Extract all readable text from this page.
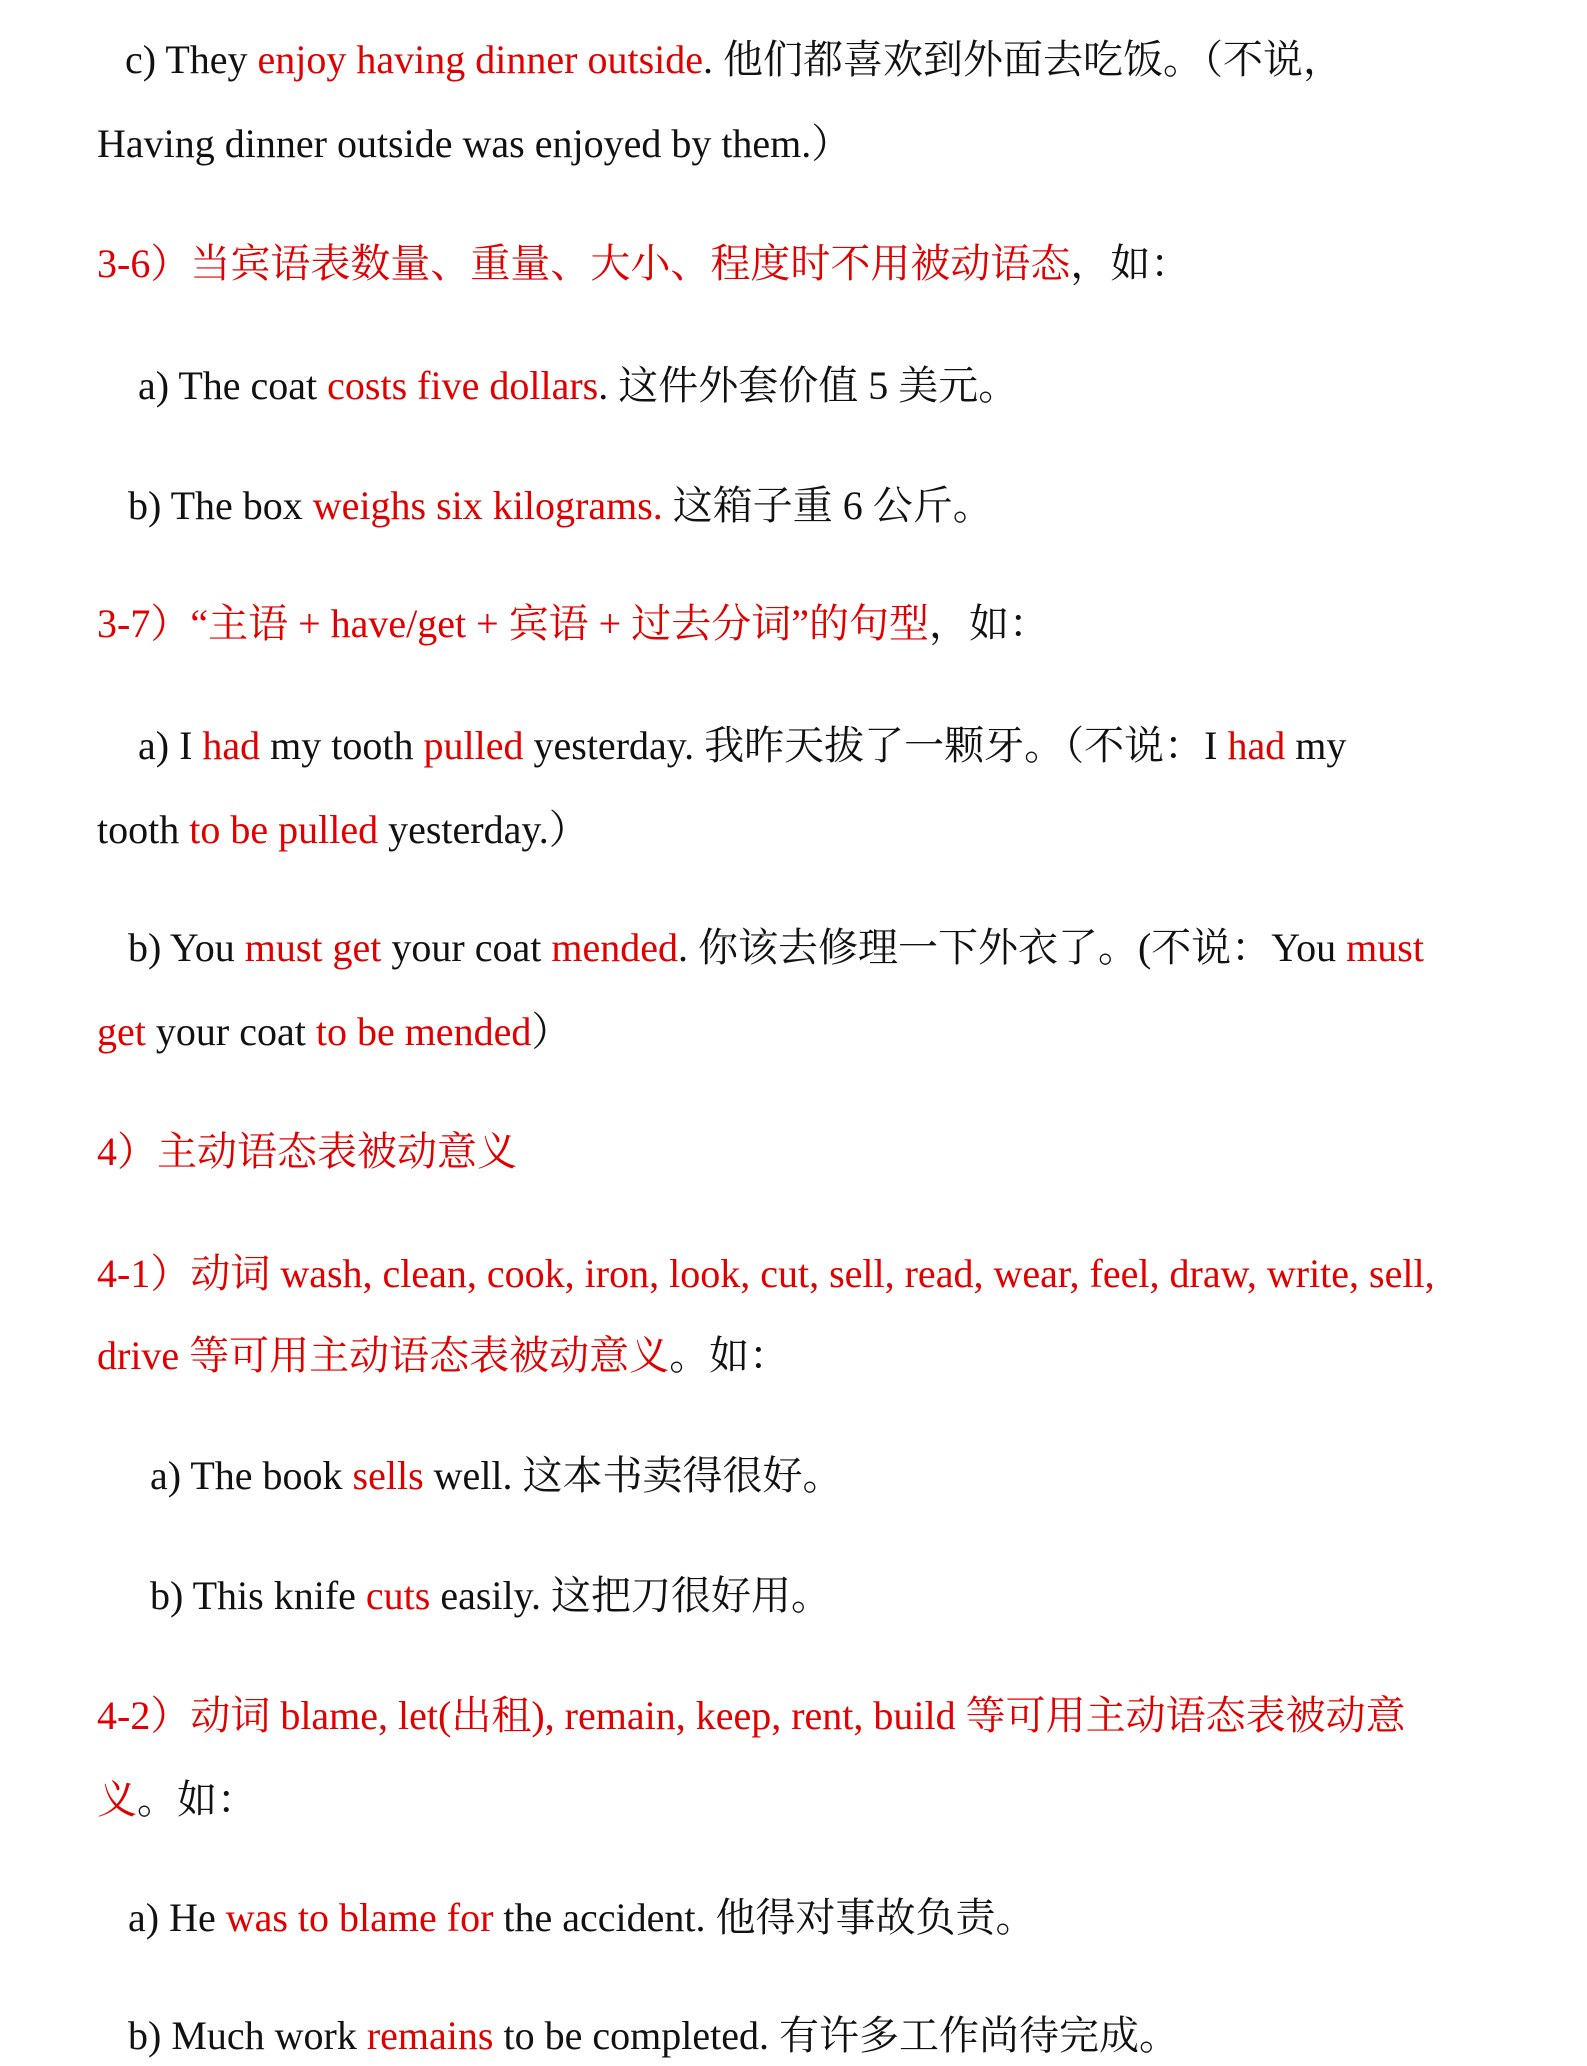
c) They enjoy having dinner outside. 他们都喜欢到外面去吃饭。（不说，
Having dinner outside was enjoyed by them.）
3-6）当宾语表数量、重量、大小、程度时不用被动语态，如：
a) The coat costs five dollars. 这件外套价值 5 美元。
b) The box weighs six kilograms. 这箱子重 6 公斤。
3-7）“主语 + have/get + 宾语 + 过去分词”的句型，如：
a) I had my tooth pulled yesterday. 我昨天拔了一颗牙。（不说：I had my
tooth to be pulled yesterday.）
b) You must get your coat mended. 你该去修理一下外衣了。(不说：You must
get your coat to be mended）
4）主动语态表被动意义
4-1）动词 wash, clean, cook, iron, look, cut, sell, read, wear, feel, draw, write, sell,
drive 等可用主动语态表被动意义。如：
a) The book sells well. 这本书卖得很好。
b) This knife cuts easily. 这把刀很好用。
4-2）动词 blame, let(出租), remain, keep, rent, build 等可用主动语态表被动意
义。如：
a) He was to blame for the accident. 他得对事故负责。
b) Much work remains to be completed. 有许多工作尚待完成。
